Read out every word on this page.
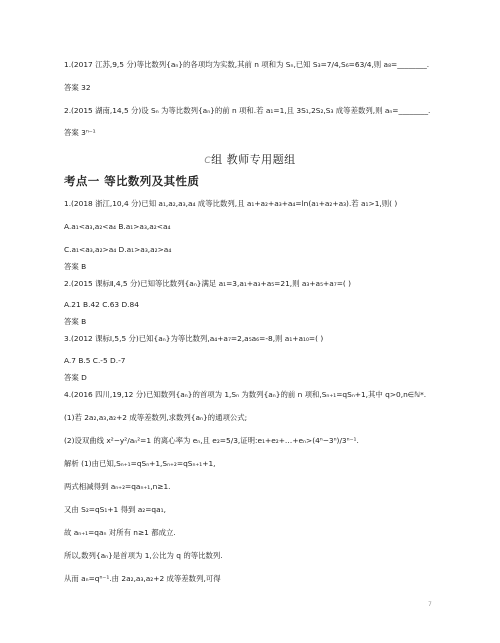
1.(2017 江苏,9,5 分)等比数列{aₙ}的各项均为实数,其前 n 项和为 Sₙ,已知 S₃=7/4,S₆=63/4,则 a₈=________.
答案 32
2.(2015 湖南,14,5 分)设 Sₙ 为等比数列{aₙ}的前 n 项和.若 a₁=1,且 3S₁,2S₂,S₃ 成等差数列,则 aₙ=________.
答案 3ⁿ⁻¹
C组 教师专用题组
考点一 等比数列及其性质
1.(2018 浙江,10,4 分)已知 a₁,a₂,a₃,a₄ 成等比数列,且 a₁+a₂+a₃+a₄=ln(a₁+a₂+a₃).若 a₁>1,则( )
A.a₁<a₃,a₂<a₄ B.a₁>a₃,a₂<a₄
C.a₁<a₃,a₂>a₄ D.a₁>a₃,a₂>a₄
答案 B
2.(2015 课标Ⅱ,4,5 分)已知等比数列{aₙ}满足 a₁=3,a₁+a₃+a₅=21,则 a₃+a₅+a₇=( )
A.21 B.42 C.63 D.84
答案 B
3.(2012 课标Ⅰ,5,5 分)已知{aₙ}为等比数列,a₄+a₇=2,a₅a₆=-8,则 a₁+a₁₀=( )
A.7 B.5 C.-5 D.-7
答案 D
4.(2016 四川,19,12 分)已知数列{aₙ}的首项为 1,Sₙ 为数列{aₙ}的前 n 项和,Sₙ₊₁=qSₙ+1,其中 q>0,n∈ℕ*.
(1)若 2a₂,a₃,a₂+2 成等差数列,求数列{aₙ}的通项公式;
(2)设双曲线 x²−y²/aₙ²=1 的离心率为 eₙ,且 e₂=5/3,证明:e₁+e₂+…+eₙ>(4ⁿ−3ⁿ)/3ⁿ⁻¹.
解析 (1)由已知,Sₙ₊₁=qSₙ+1,Sₙ₊₂=qSₙ₊₁+1,
两式相减得到 aₙ₊₂=qaₙ₊₁,n≥1.
又由 S₂=qS₁+1 得到 a₂=qa₁,
故 aₙ₊₁=qaₙ 对所有 n≥1 都成立.
所以,数列{aₙ}是首项为 1,公比为 q 的等比数列.
从而 aₙ=qⁿ⁻¹.由 2a₂,a₃,a₂+2 成等差数列,可得
7
